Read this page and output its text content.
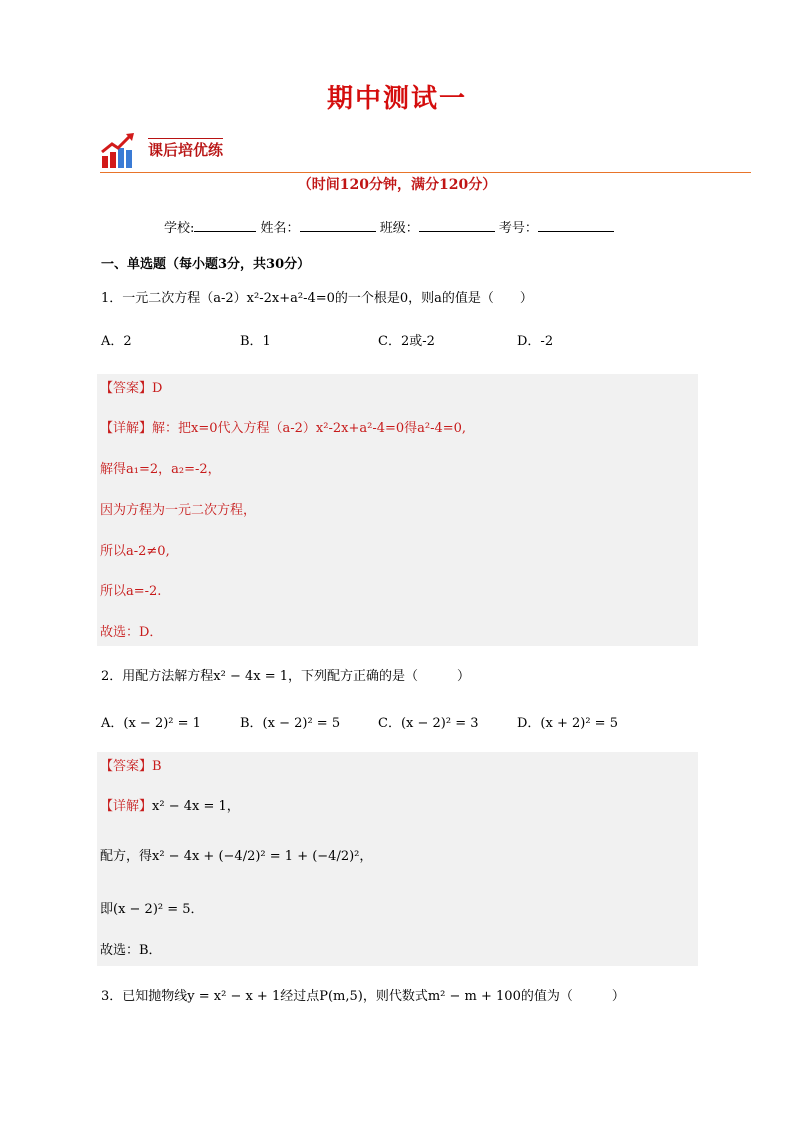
期中测试一
课后培优练
（时间120分钟，满分120分）
学校:	姓名：	班级：	考号：
一、单选题（每小题3分，共30分）
1．一元二次方程（a-2）x²-2x+a²-4=0的一个根是0，则a的值是（　　）
A．2	B．1	C．2或-2	D．-2
【答案】D
【详解】解：把x=0代入方程（a-2）x²-2x+a²-4=0得a²-4=0,
解得a₁=2，a₂=-2，
因为方程为一元二次方程，
所以a-2≠0,
所以a=-2.
故选：D．
2．用配方法解方程x² − 4x = 1，下列配方正确的是（　　　）
A．(x − 2)² = 1	B．(x − 2)² = 5	C．(x − 2)² = 3	D．(x + 2)² = 5
【答案】B
【详解】x² − 4x = 1，
配方，得x² − 4x + (−4/2)² = 1 + (−4/2)²，
即(x − 2)² = 5．
故选：B．
3．已知抛物线y = x² − x + 1经过点P(m,5)，则代数式m² − m + 100的值为（　　　）
